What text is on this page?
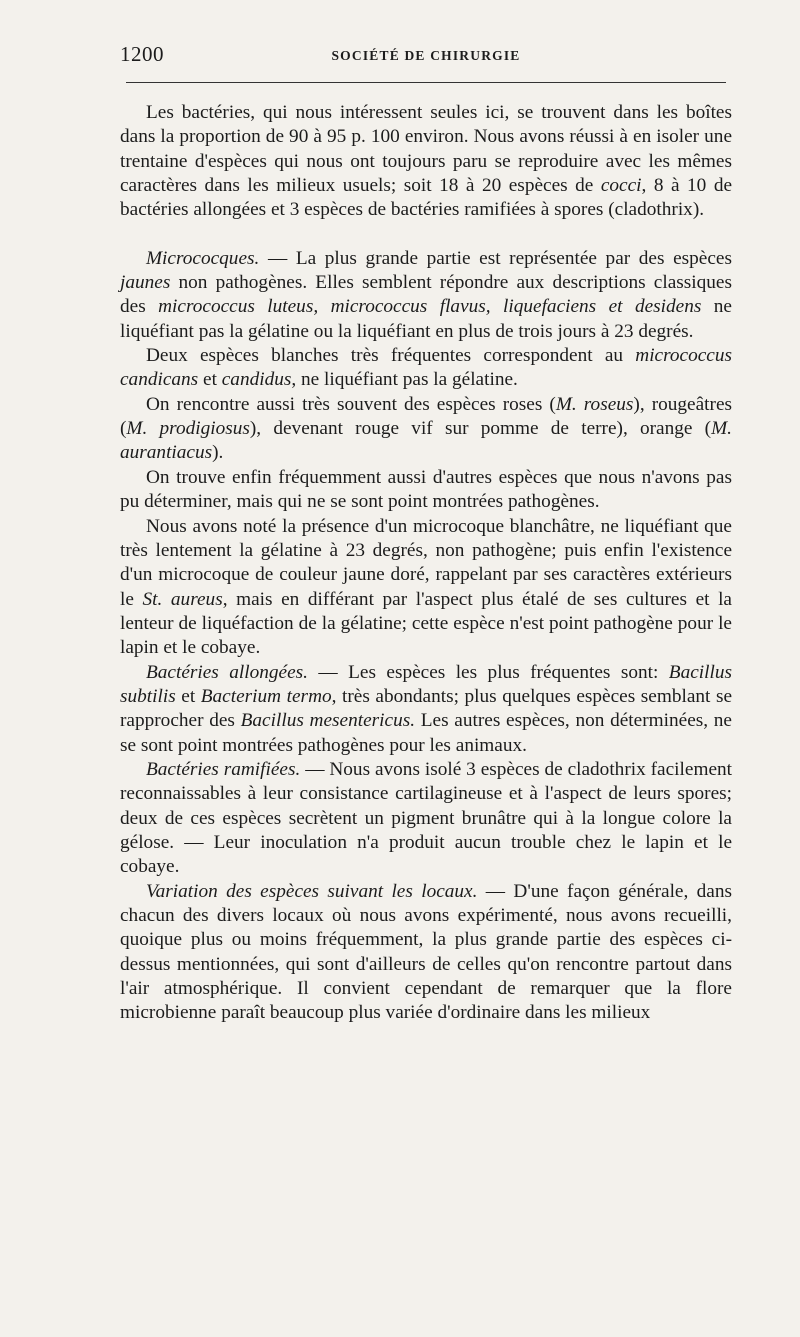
1200	SOCIÉTÉ DE CHIRURGIE

Les bactéries, qui nous intéressent seules ici, se trouvent dans les boîtes dans la proportion de 90 à 95 p. 100 environ. Nous avons réussi à en isoler une trentaine d'espèces qui nous ont toujours paru se reproduire avec les mêmes caractères dans les milieux usuels; soit 18 à 20 espèces de cocci, 8 à 10 de bactéries allongées et 3 espèces de bactéries ramifiées à spores (cladothrix).

Micrococques. — La plus grande partie est représentée par des espèces jaunes non pathogènes. Elles semblent répondre aux descriptions classiques des micrococcus luteus, micrococcus flavus, liquefaciens et desidens ne liquéfiant pas la gélatine ou la liquéfiant en plus de trois jours à 23 degrés.

Deux espèces blanches très fréquentes correspondent au micrococcus candicans et candidus, ne liquéfiant pas la gélatine.

On rencontre aussi très souvent des espèces roses (M. roseus), rougeâtres (M. prodigiosus), devenant rouge vif sur pomme de terre), orange (M. aurantiacus).

On trouve enfin fréquemment aussi d'autres espèces que nous n'avons pas pu déterminer, mais qui ne se sont point montrées pathogènes.

Nous avons noté la présence d'un microcoque blanchâtre, ne liquéfiant que très lentement la gélatine à 23 degrés, non pathogène; puis enfin l'existence d'un microcoque de couleur jaune doré, rappelant par ses caractères extérieurs le St. aureus, mais en différant par l'aspect plus étalé de ses cultures et la lenteur de liquéfaction de la gélatine; cette espèce n'est point pathogène pour le lapin et le cobaye.

Bactéries allongées. — Les espèces les plus fréquentes sont: Bacillus subtilis et Bacterium termo, très abondants; plus quelques espèces semblant se rapprocher des Bacillus mesentericus. Les autres espèces, non déterminées, ne se sont point montrées pathogènes pour les animaux.

Bactéries ramifiées. — Nous avons isolé 3 espèces de cladothrix facilement reconnaissables à leur consistance cartilagineuse et à l'aspect de leurs spores; deux de ces espèces secrètent un pigment brunâtre qui à la longue colore la gélose. — Leur inoculation n'a produit aucun trouble chez le lapin et le cobaye.

Variation des espèces suivant les locaux. — D'une façon générale, dans chacun des divers locaux où nous avons expérimenté, nous avons recueilli, quoique plus ou moins fréquemment, la plus grande partie des espèces ci-dessus mentionnées, qui sont d'ailleurs de celles qu'on rencontre partout dans l'air atmosphérique. Il convient cependant de remarquer que la flore microbienne paraît beaucoup plus variée d'ordinaire dans les milieux
